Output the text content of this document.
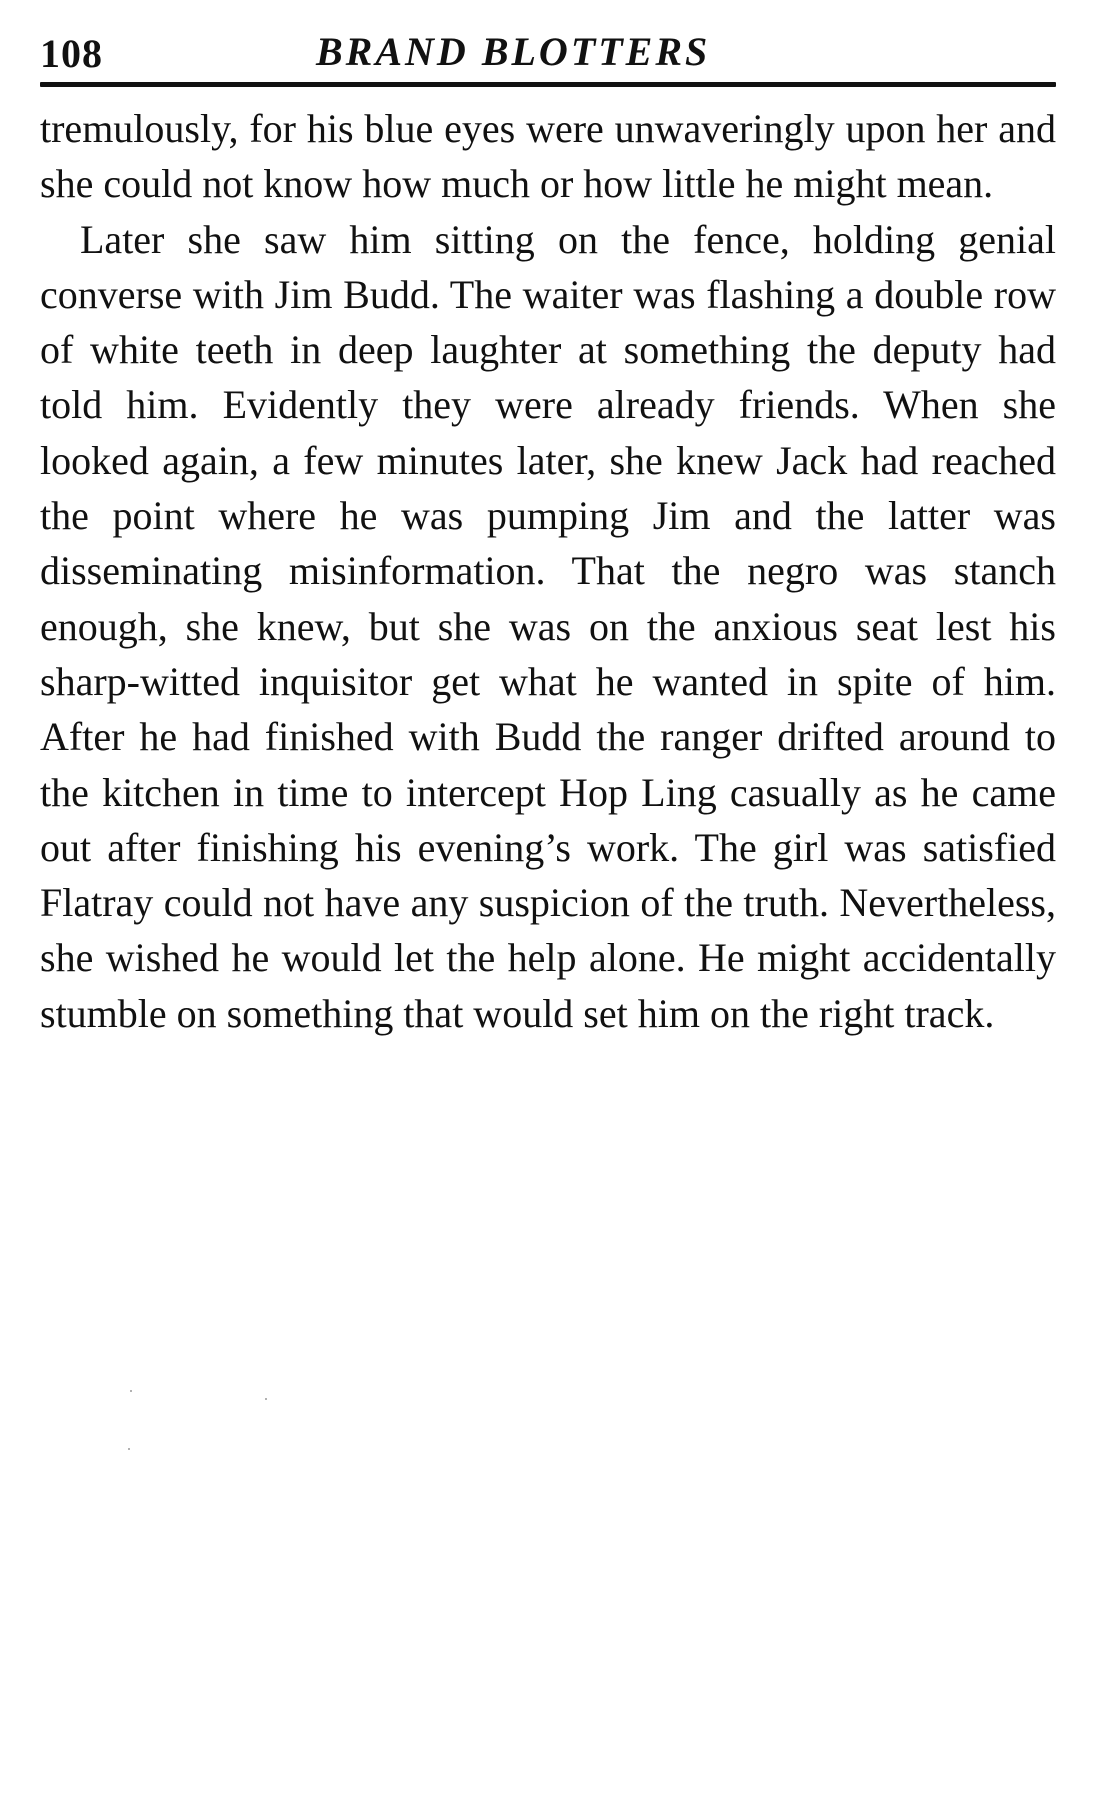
108	BRAND BLOTTERS

tremulously, for his blue eyes were unwaveringly upon her and she could not know how much or how little he might mean.

Later she saw him sitting on the fence, holding genial converse with Jim Budd. The waiter was flashing a double row of white teeth in deep laughter at something the deputy had told him. Evidently they were already friends. When she looked again, a few minutes later, she knew Jack had reached the point where he was pumping Jim and the latter was disseminating misinformation. That the negro was stanch enough, she knew, but she was on the anxious seat lest his sharp-witted inquisitor get what he wanted in spite of him. After he had finished with Budd the ranger drifted around to the kitchen in time to intercept Hop Ling casually as he came out after finishing his evening’s work. The girl was satisfied Flatray could not have any suspicion of the truth. Nevertheless, she wished he would let the help alone. He might accidentally stumble on something that would set him on the right track.
